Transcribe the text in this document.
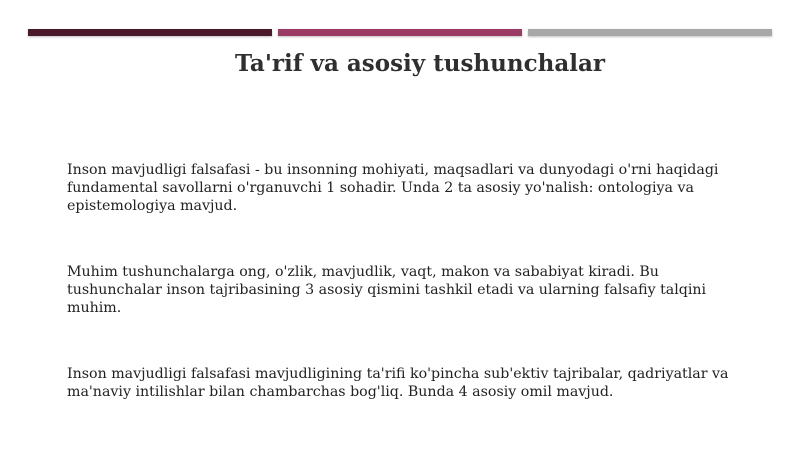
Ta'rif va asosiy tushunchalar

Inson mavjudligi falsafasi - bu insonning mohiyati, maqsadlari va dunyodagi o'rni haqidagi fundamental savollarni o'rganuvchi 1 sohadir. Unda 2 ta asosiy yo'nalish: ontologiya va epistemologiya mavjud.

Muhim tushunchalarga ong, o'zlik, mavjudlik, vaqt, makon va sababiyat kiradi. Bu tushunchalar inson tajribasining 3 asosiy qismini tashkil etadi va ularning falsafiy talqini muhim.

Inson mavjudligi falsafasi mavjudligining ta'rifi ko'pincha sub'ektiv tajribalar, qadriyatlar va ma'naviy intilishlar bilan chambarchas bog'liq. Bunda 4 asosiy omil mavjud.
